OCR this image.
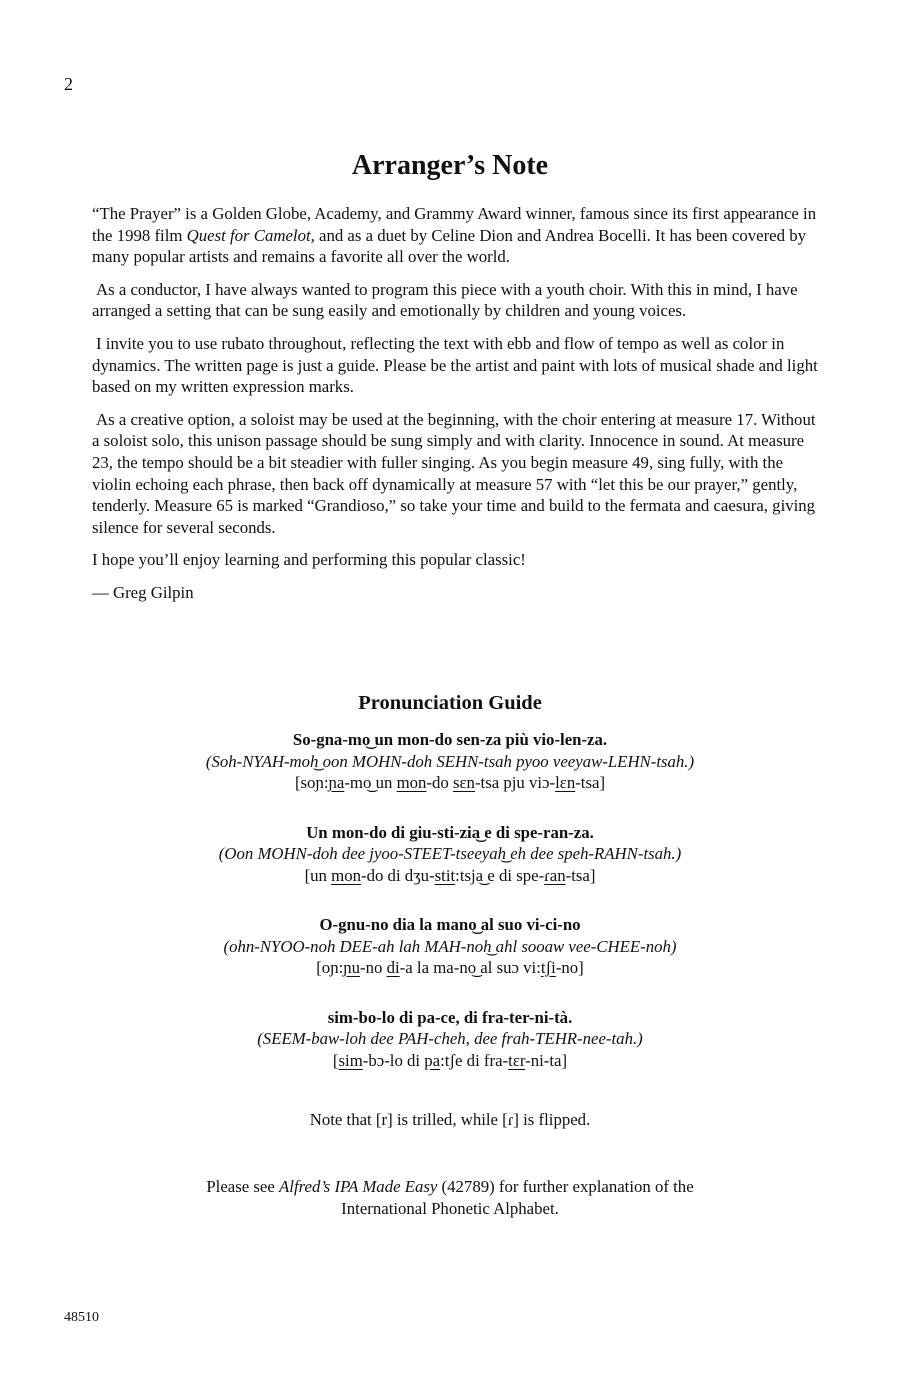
2
Arranger’s Note

“The Prayer” is a Golden Globe, Academy, and Grammy Award winner, famous since its first appearance in the 1998 film Quest for Camelot, and as a duet by Celine Dion and Andrea Bocelli. It has been covered by many popular artists and remains a favorite all over the world.

As a conductor, I have always wanted to program this piece with a youth choir. With this in mind, I have arranged a setting that can be sung easily and emotionally by children and young voices.

I invite you to use rubato throughout, reflecting the text with ebb and flow of tempo as well as color in dynamics. The written page is just a guide. Please be the artist and paint with lots of musical shade and light based on my written expression marks.

As a creative option, a soloist may be used at the beginning, with the choir entering at measure 17. Without a soloist solo, this unison passage should be sung simply and with clarity. Innocence in sound. At measure 23, the tempo should be a bit steadier with fuller singing. As you begin measure 49, sing fully, with the violin echoing each phrase, then back off dynamically at measure 57 with “let this be our prayer,” gently, tenderly. Measure 65 is marked “Grandioso,” so take your time and build to the fermata and caesura, giving silence for several seconds.

I hope you’ll enjoy learning and performing this popular classic!

— Greg Gilpin

Pronunciation Guide
So-gna-mo͜ un mon-do sen-za più vio-len-za.
(Soh-NYAH-moh͜ oon MOHN-doh SEHN-tsah pyoo veeyaw-LEHN-tsah.)
[soɲ:ɲa-mo͜ un mon-do sɛn-tsa pju viɔ-lɛn-tsa]
Un mon-do di giu-sti-zia͜ e di spe-ran-za.
(Oon MOHN-doh dee jyoo-STEET-tseeyah͜ eh dee speh-RAHN-tsah.)
[un mon-do di dʒu-stit:tsja͜ e di spe-ɾan-tsa]
O-gnu-no dia la mano͜ al suo vi-ci-no
(ohn-NYOO-noh DEE-ah lah MAH-noh͜ ahl sooaw vee-CHEE-noh)
[oɲ:ɲu-no di-a la ma-no͜ al suɔ vi:tʃi-no]
sim-bo-lo di pa-ce, di fra-ter-ni-tà.
(SEEM-baw-loh dee PAH-cheh, dee frah-TEHR-nee-tah.)
[sim-bɔ-lo di pa:tʃe di fra-tɛr-ni-ta]
Note that [r] is trilled, while [ɾ] is flipped.
Please see Alfred’s IPA Made Easy (42789) for further explanation of the
International Phonetic Alphabet.
48510
